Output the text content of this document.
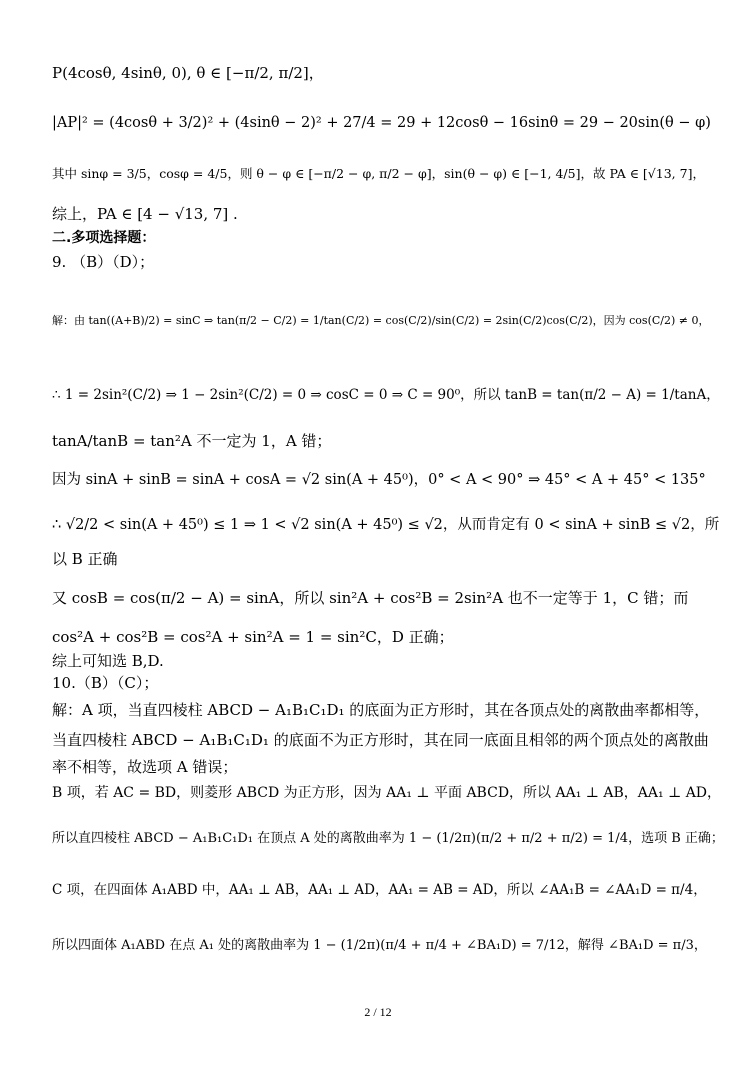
P(4cosθ, 4sinθ, 0), θ ∈ [−π/2, π/2]，
|AP|² = (4cosθ + 3/2)² + (4sinθ − 2)² + 27/4 = 29 + 12cosθ − 16sinθ = 29 − 20sin(θ − φ)
其中 sinφ = 3/5，cosφ = 4/5，则 θ − φ ∈ [−π/2 − φ, π/2 − φ]，sin(θ − φ) ∈ [−1, 4/5]，故 PA ∈ [√13, 7]，
综上，PA ∈ [4 − √13, 7] .
二.多项选择题：
9. （B）（D）；
解：由 tan((A+B)/2) = sinC ⇒ tan(π/2 − C/2) = 1/tan(C/2) = cos(C/2)/sin(C/2) = 2sin(C/2)cos(C/2)，因为 cos(C/2) ≠ 0，
∴ 1 = 2sin²(C/2) ⇒ 1 − 2sin²(C/2) = 0 ⇒ cosC = 0 ⇒ C = 90⁰，所以 tanB = tan(π/2 − A) = 1/tanA，
tanA/tanB = tan²A 不一定为 1，A 错；
因为 sinA + sinB = sinA + cosA = √2 sin(A + 45⁰)，0° < A < 90° ⇒ 45° < A + 45° < 135°
∴ √2/2 < sin(A + 45⁰) ≤ 1 ⇒ 1 < √2 sin(A + 45⁰) ≤ √2，从而肯定有 0 < sinA + sinB ≤ √2，所
以 B 正确
又 cosB = cos(π/2 − A) = sinA，所以 sin²A + cos²B = 2sin²A 也不一定等于 1，C 错；而
cos²A + cos²B = cos²A + sin²A = 1 = sin²C，D 正确；
综上可知选 B,D.
10.（B）（C）；
解：A 项，当直四棱柱 ABCD − A₁B₁C₁D₁ 的底面为正方形时，其在各顶点处的离散曲率都相等，
当直四棱柱 ABCD − A₁B₁C₁D₁ 的底面不为正方形时，其在同一底面且相邻的两个顶点处的离散曲
率不相等，故选项 A 错误；
B 项，若 AC = BD，则菱形 ABCD 为正方形，因为 AA₁ ⊥ 平面 ABCD，所以 AA₁ ⊥ AB，AA₁ ⊥ AD，
所以直四棱柱 ABCD − A₁B₁C₁D₁ 在顶点 A 处的离散曲率为 1 − (1/2π)(π/2 + π/2 + π/2) = 1/4，选项 B 正确；
C 项，在四面体 A₁ABD 中，AA₁ ⊥ AB，AA₁ ⊥ AD，AA₁ = AB = AD，所以 ∠AA₁B = ∠AA₁D = π/4，
所以四面体 A₁ABD 在点 A₁ 处的离散曲率为 1 − (1/2π)(π/4 + π/4 + ∠BA₁D) = 7/12，解得 ∠BA₁D = π/3，
2 / 12
